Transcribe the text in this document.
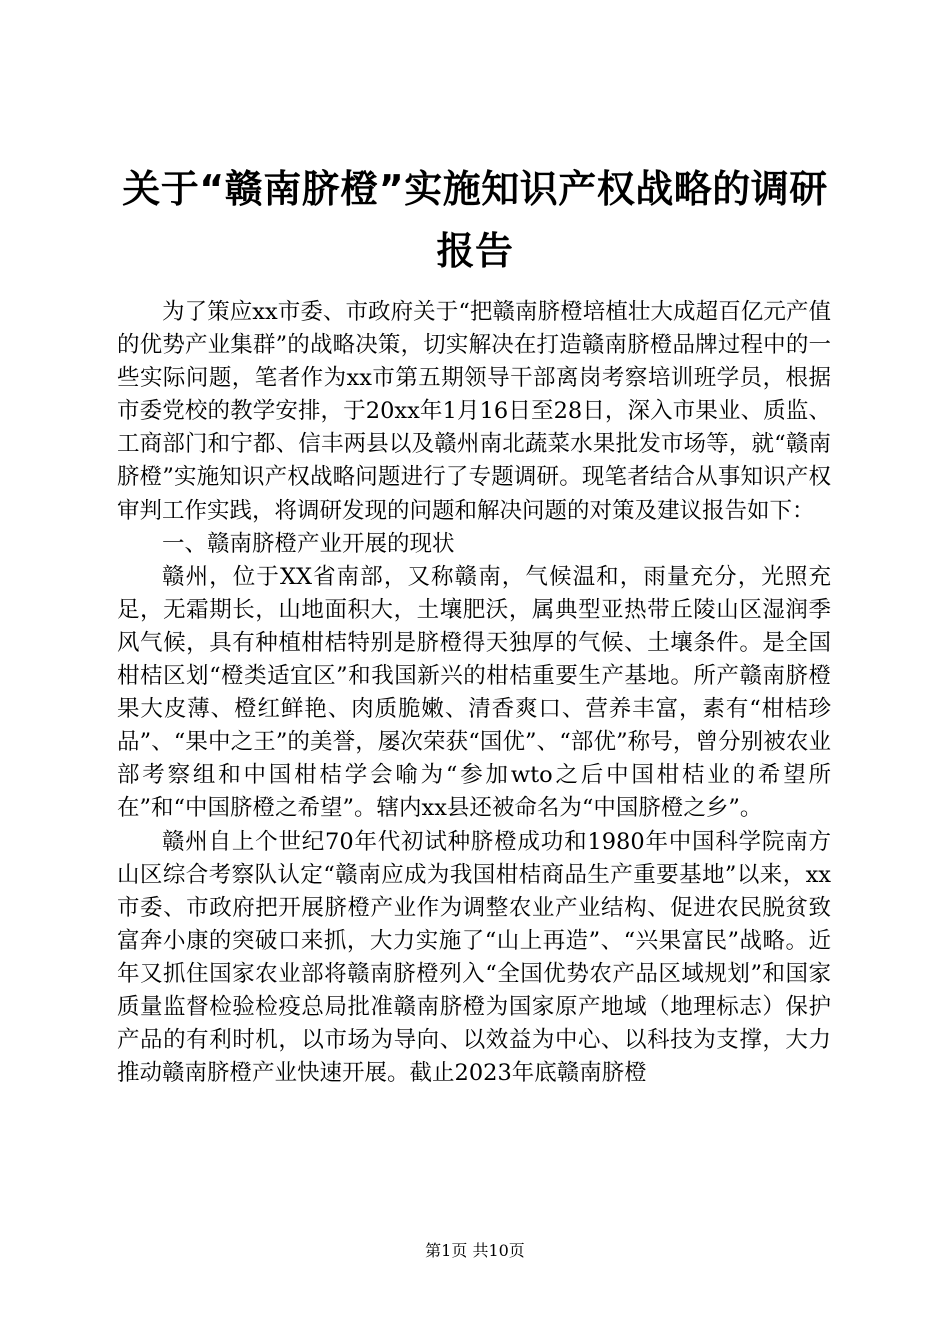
关于“赣南脐橙”实施知识产权战略的调研报告

为了策应xx市委、市政府关于“把赣南脐橙培植壮大成超百亿元产值的优势产业集群”的战略决策，切实解决在打造赣南脐橙品牌过程中的一些实际问题，笔者作为xx市第五期领导干部离岗考察培训班学员，根据市委党校的教学安排，于20xx年1月16日至28日，深入市果业、质监、工商部门和宁都、信丰两县以及赣州南北蔬菜水果批发市场等，就“赣南脐橙”实施知识产权战略问题进行了专题调研。现笔者结合从事知识产权审判工作实践，将调研发现的问题和解决问题的对策及建议报告如下：

一、赣南脐橙产业开展的现状

赣州，位于XX省南部，又称赣南，气候温和，雨量充分，光照充足，无霜期长，山地面积大，土壤肥沃，属典型亚热带丘陵山区湿润季风气候，具有种植柑桔特别是脐橙得天独厚的气候、土壤条件。是全国柑桔区划“橙类适宜区”和我国新兴的柑桔重要生产基地。所产赣南脐橙果大皮薄、橙红鲜艳、肉质脆嫩、清香爽口、营养丰富，素有“柑桔珍品”、“果中之王”的美誉，屡次荣获“国优”、“部优”称号，曾分别被农业部考察组和中国柑桔学会喻为“参加wto之后中国柑桔业的希望所在”和“中国脐橙之希望”。辖内xx县还被命名为“中国脐橙之乡”。

赣州自上个世纪70年代初试种脐橙成功和1980年中国科学院南方山区综合考察队认定“赣南应成为我国柑桔商品生产重要基地”以来，xx市委、市政府把开展脐橙产业作为调整农业产业结构、促进农民脱贫致富奔小康的突破口来抓，大力实施了“山上再造”、“兴果富民”战略。近年又抓住国家农业部将赣南脐橙列入“全国优势农产品区域规划”和国家质量监督检验检疫总局批准赣南脐橙为国家原产地域（地理标志）保护产品的有利时机，以市场为导向、以效益为中心、以科技为支撑，大力推动赣南脐橙产业快速开展。截止2023年底赣南脐橙

第1页 共10页
